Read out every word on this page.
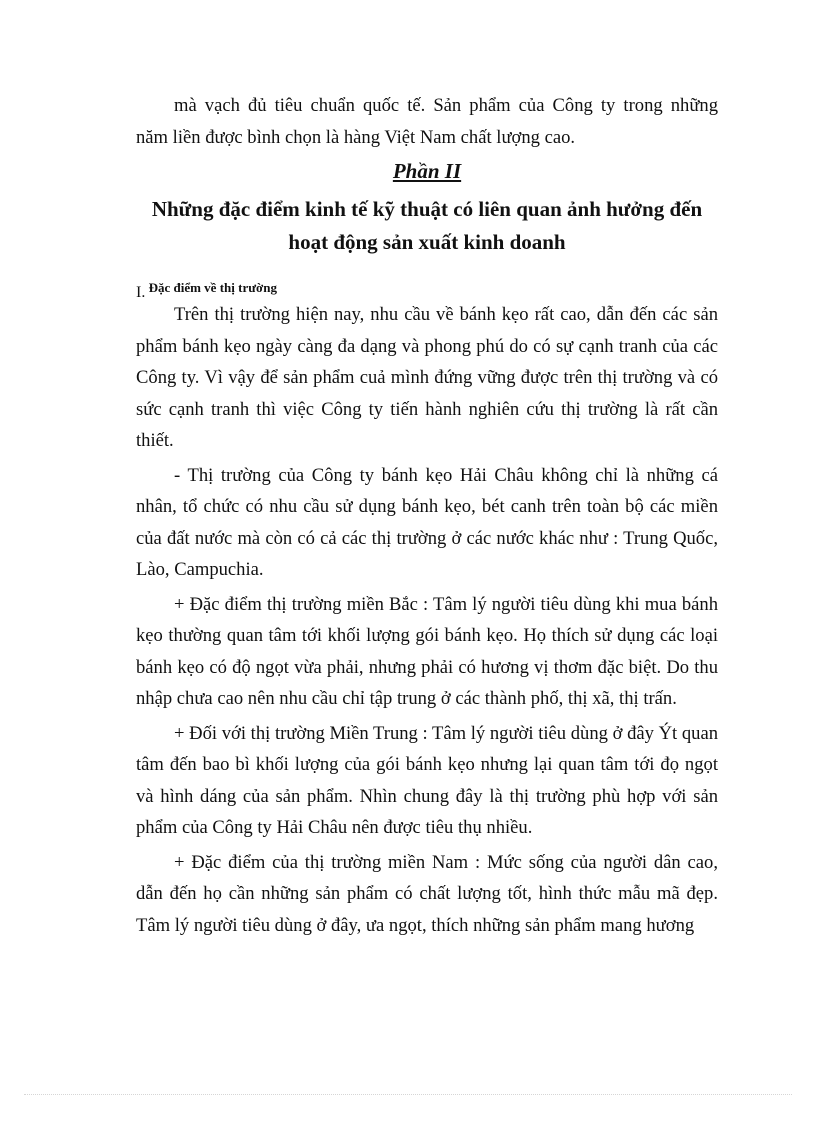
mà vạch đủ tiêu chuẩn quốc tế. Sản phẩm của Công ty trong những

năm liền được bình chọn là hàng Việt Nam chất lượng cao.

Phần II

Những đặc điểm kinh tế kỹ thuật có liên quan ảnh hưởng đến hoạt động sản xuất kinh doanh

I. Đặc điểm về thị trường

Trên thị trường hiện nay, nhu cầu về bánh kẹo rất cao, dẫn đến các sản phẩm bánh kẹo ngày càng đa dạng và phong phú do có sự cạnh tranh của các Công ty. Vì vậy để sản phẩm cuả mình đứng vững được trên thị trường và có sức cạnh tranh thì việc Công ty tiến hành nghiên cứu thị trường là rất cần thiết.

- Thị trường của Công ty bánh kẹo Hải Châu không chỉ là những cá nhân, tổ chức có nhu cầu sử dụng bánh kẹo, bét canh trên toàn bộ các miền của đất nước mà còn có cả các thị trường ở các nước khác như : Trung Quốc, Lào, Campuchia.

+ Đặc điểm thị trường miền Bắc : Tâm lý người tiêu dùng khi mua bánh kẹo thường quan tâm tới khối lượng gói bánh kẹo. Họ thích sử dụng các loại bánh kẹo có độ ngọt vừa phải, nhưng phải có hương vị thơm đặc biệt. Do thu nhập chưa cao nên nhu cầu chỉ tập trung ở các thành phố, thị xã, thị trấn.

+ Đối với thị trường Miền Trung : Tâm lý người tiêu dùng ở đây Ýt quan tâm đến bao bì khối lượng của gói bánh kẹo nhưng lại quan tâm tới đọ ngọt và hình dáng của sản phẩm. Nhìn chung đây là thị trường phù hợp với sản phẩm của Công ty Hải Châu nên được tiêu thụ nhiều.

+ Đặc điểm của thị trường miền Nam : Mức sống của người dân cao, dẫn đến họ cần những sản phẩm có chất lượng tốt, hình thức mẫu mã đẹp. Tâm lý người tiêu dùng ở đây, ưa ngọt, thích những sản phẩm mang hương
